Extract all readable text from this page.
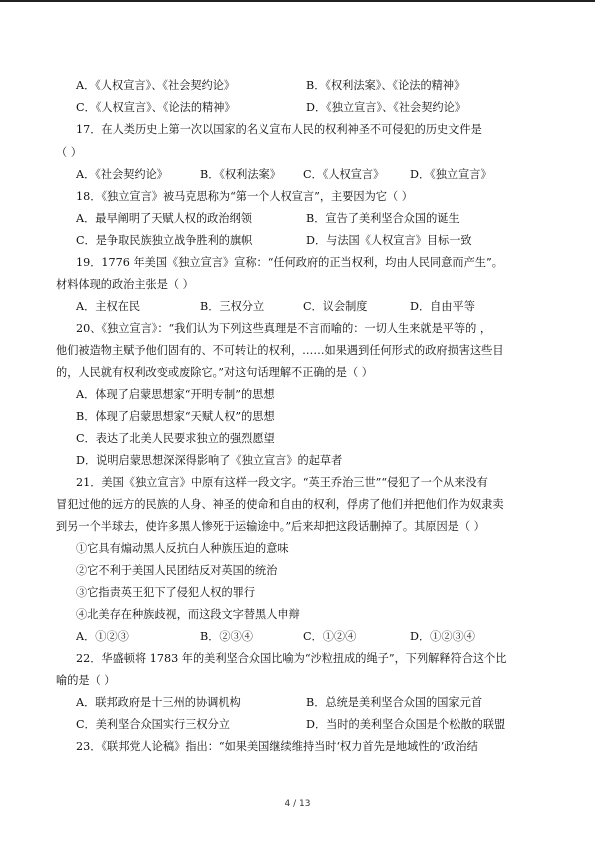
A．《人权宣言》、《社会契约论》	B．《权利法案》、《论法的精神》
C．《人权宣言》、《论法的精神》	D．《独立宣言》、《社会契约论》
17．在人类历史上第一次以国家的名义宣布人民的权利神圣不可侵犯的历史文件是
（ ）
A．《社会契约论》	B．《权利法案》 C．《人权宣言》 D．《独立宣言》
18．《独立宣言》被马克思称为“第一个人权宣言”，主要因为它（ ）
A．最早阐明了天赋人权的政治纲领	B．宣告了美利坚合众国的诞生
C．是争取民族独立战争胜利的旗帜	D．与法国《人权宣言》目标一致
19．1776 年美国《独立宣言》宣称：“任何政府的正当权利，均由人民同意而产生”。
材料体现的政治主张是（ ）
A．主权在民	B．三权分立	C．议会制度	D．自由平等
20、《独立宣言》：“我们认为下列这些真理是不言而喻的：一切人生来就是平等的 ，
他们被造物主赋予他们固有的、不可转让的权利，……如果遇到任何形式的政府损害这些目
的，人民就有权利改变或废除它。”对这句话理解不正确的是（ ）
A．体现了启蒙思想家“开明专制”的思想
B．体现了启蒙思想家“天赋人权”的思想
C．表达了北美人民要求独立的强烈愿望
D．说明启蒙思想深深得影响了《独立宣言》的起草者
21．美国《独立宣言》中原有这样一段文字。“英王乔治三世”“侵犯了一个从来没有
冒犯过他的远方的民族的人身、神圣的使命和自由的权利，俘虏了他们并把他们作为奴隶卖
到另一个半球去，使许多黑人惨死于运输途中。”后来却把这段话删掉了。其原因是（ ）
①它具有煽动黑人反抗白人种族压迫的意味
②它不利于美国人民团结反对英国的统治
③它指责英王犯下了侵犯人权的罪行
④北美存在种族歧视，而这段文字替黑人申辩
A．①②③	B．②③④	C．①②④	D．①②③④
22．华盛顿将 1783 年的美利坚合众国比喻为“沙粒扭成的绳子”，下列解释符合这个比
喻的是（ ）
A．联邦政府是十三州的协调机构	B．总统是美利坚合众国的国家元首
C．美利坚合众国实行三权分立	D．当时的美利坚合众国是个松散的联盟
23．《联邦党人论稿》指出：“如果美国继续维持当时‘权力首先是地域性的’政治结
4 / 13
